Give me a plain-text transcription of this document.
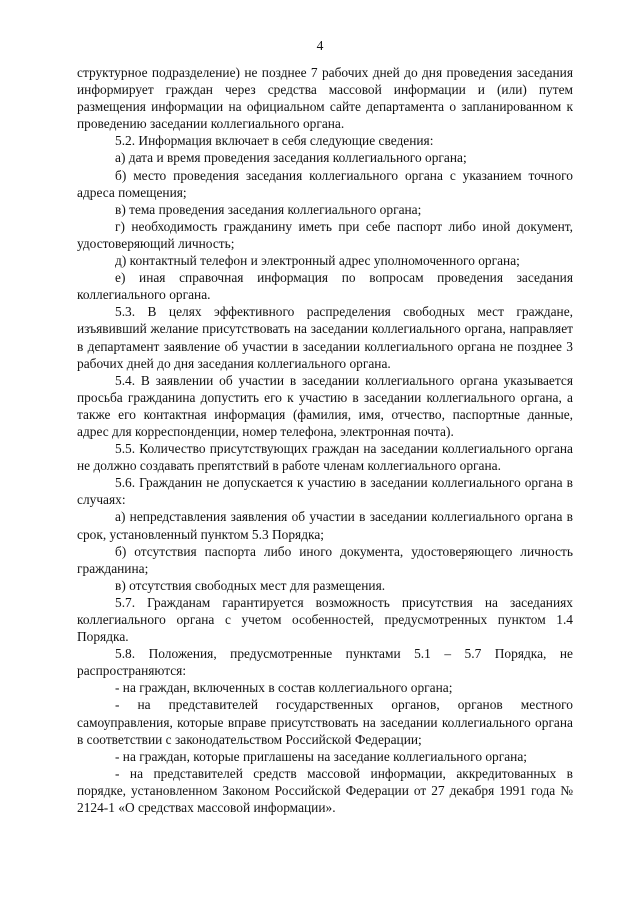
4

структурное подразделение) не позднее 7 рабочих дней до дня проведения заседания информирует граждан через средства массовой информации и (или) путем размещения информации на официальном сайте департамента о запланированном к проведению заседании коллегиального органа.

5.2. Информация включает в себя следующие сведения:

а) дата и время проведения заседания коллегиального органа;

б) место проведения заседания коллегиального органа с указанием точного адреса помещения;

в) тема проведения заседания коллегиального органа;

г) необходимость гражданину иметь при себе паспорт либо иной документ, удостоверяющий личность;

д) контактный телефон и электронный адрес уполномоченного органа;

е) иная справочная информация по вопросам проведения заседания коллегиального органа.

5.3. В целях эффективного распределения свободных мест граждане, изъявивший желание присутствовать на заседании коллегиального органа, направляет в департамент заявление об участии в заседании коллегиального органа не позднее 3 рабочих дней до дня заседания коллегиального органа.

5.4. В заявлении об участии в заседании коллегиального органа указывается просьба гражданина допустить его к участию в заседании коллегиального органа, а также его контактная информация (фамилия, имя, отчество, паспортные данные, адрес для корреспонденции, номер телефона, электронная почта).

5.5. Количество присутствующих граждан на заседании коллегиального органа не должно создавать препятствий в работе членам коллегиального органа.

5.6. Гражданин не допускается к участию в заседании коллегиального органа в случаях:

а) непредставления заявления об участии в заседании коллегиального органа в срок, установленный пунктом 5.3 Порядка;

б) отсутствия паспорта либо иного документа, удостоверяющего личность гражданина;

в) отсутствия свободных мест для размещения.

5.7. Гражданам гарантируется возможность присутствия на заседаниях коллегиального органа с учетом особенностей, предусмотренных пунктом 1.4 Порядка.

5.8. Положения, предусмотренные пунктами 5.1 – 5.7 Порядка, не распространяются:

- на граждан, включенных в состав коллегиального органа;

- на представителей государственных органов, органов местного самоуправления, которые вправе присутствовать на заседании коллегиального органа в соответствии с законодательством Российской Федерации;

- на граждан, которые приглашены на заседание коллегиального органа;

- на представителей средств массовой информации, аккредитованных в порядке, установленном Законом Российской Федерации от 27 декабря 1991 года № 2124-1 «О средствах массовой информации».
